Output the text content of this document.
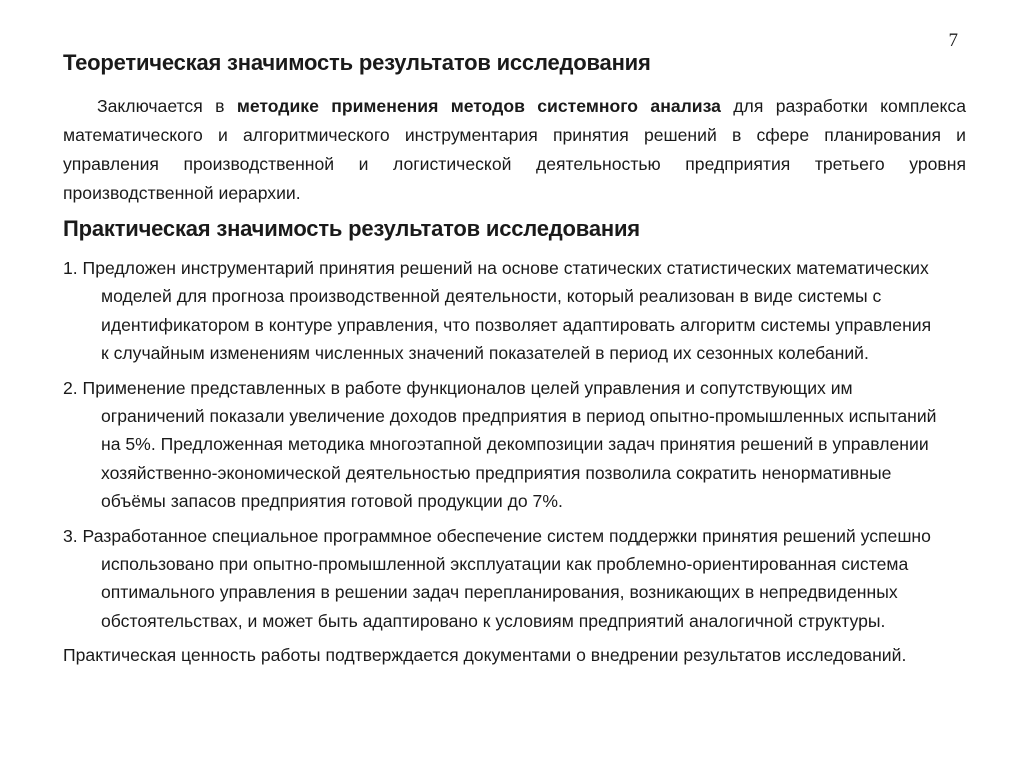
7
Теоретическая значимость результатов исследования

Заключается в методике применения методов системного анализа для разработки комплекса математического и алгоритмического инструментария принятия решений в сфере планирования и управления производственной и логистической деятельностью предприятия третьего уровня производственной иерархии.

Практическая значимость результатов исследования
1. Предложен инструментарий принятия решений на основе статических статистических математических моделей для прогноза производственной деятельности, который реализован в виде системы с идентификатором в контуре управления, что позволяет адаптировать алгоритм системы управления к случайным изменениям численных значений показателей в период их сезонных колебаний.
2. Применение представленных в работе функционалов целей управления и сопутствующих им ограничений показали увеличение доходов предприятия в период опытно-промышленных испытаний на 5%. Предложенная методика многоэтапной декомпозиции задач принятия решений в управлении хозяйственно-экономической деятельностью предприятия позволила сократить ненормативные объёмы запасов предприятия готовой продукции до 7%.
3. Разработанное специальное программное обеспечение систем поддержки принятия решений успешно использовано при опытно-промышленной эксплуатации как проблемно-ориентированная система оптимального управления в решении задач перепланирования, возникающих в непредвиденных обстоятельствах, и может быть адаптировано к условиям предприятий аналогичной структуры.
Практическая ценность работы подтверждается документами о внедрении результатов исследований.
